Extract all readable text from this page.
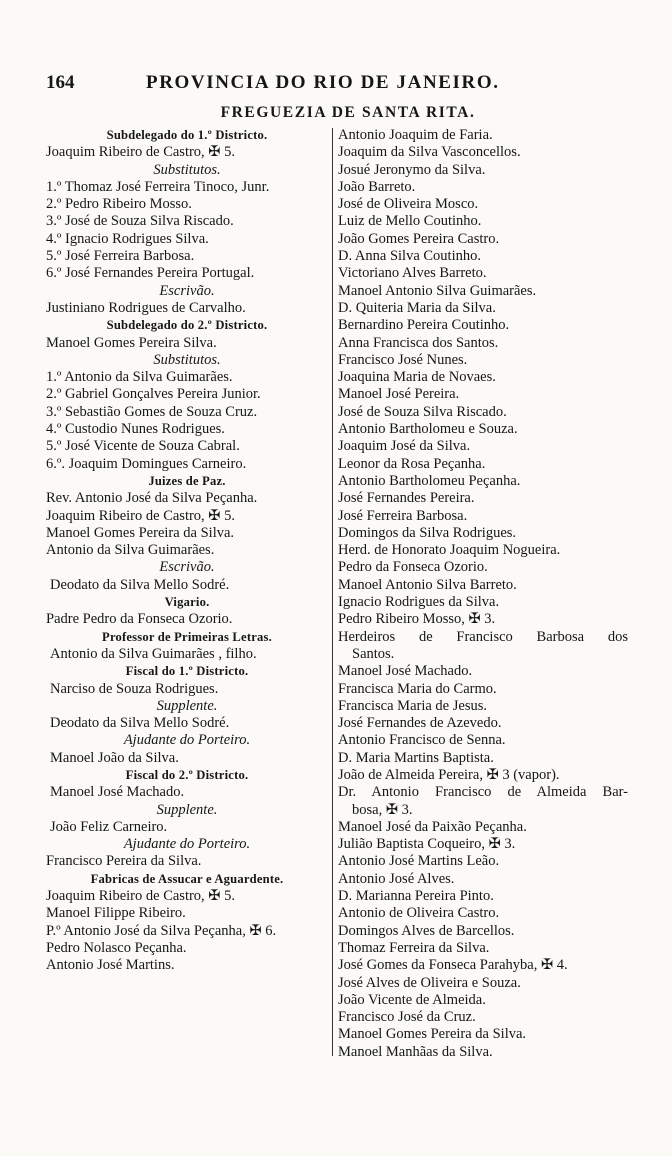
164	PROVINCIA DO RIO DE JANEIRO.
FREGUEZIA DE SANTA RITA.
Subdelegado do 1.º Districto.
Joaquim Ribeiro de Castro, ✠ 5.
Substitutos.
1.º Thomaz José Ferreira Tinoco, Junr.
2.º Pedro Ribeiro Mosso.
3.º José de Souza Silva Riscado.
4.º Ignacio Rodrigues Silva.
5.º José Ferreira Barbosa.
6.º José Fernandes Pereira Portugal.
Escrivão.
Justiniano Rodrigues de Carvalho.
Subdelegado do 2.º Districto.
Manoel Gomes Pereira Silva.
Substitutos.
1.º Antonio da Silva Guimarães.
2.º Gabriel Gonçalves Pereira Junior.
3.º Sebastião Gomes de Souza Cruz.
4.º Custodio Nunes Rodrigues.
5.º José Vicente de Souza Cabral.
6.º. Joaquim Domingues Carneiro.
Juizes de Paz.
Rev. Antonio José da Silva Peçanha.
Joaquim Ribeiro de Castro, ✠ 5.
Manoel Gomes Pereira da Silva.
Antonio da Silva Guimarães.
Escrivão.
Deodato da Silva Mello Sodré.
Vigario.
Padre Pedro da Fonseca Ozorio.
Professor de Primeiras Letras.
Antonio da Silva Guimarães , filho.
Fiscal do 1.º Districto.
Narciso de Souza Rodrigues.
Supplente.
Deodato da Silva Mello Sodré.
Ajudante do Porteiro.
Manoel João da Silva.
Fiscal do 2.º Districto.
Manoel José Machado.
Supplente.
João Feliz Carneiro.
Ajudante do Porteiro.
Francisco Pereira da Silva.
Fabricas de Assucar e Aguardente.
Joaquim Ribeiro de Castro, ✠ 5.
Manoel Filippe Ribeiro.
P.º Antonio José da Silva Peçanha, ✠ 6.
Pedro Nolasco Peçanha.
Antonio José Martins.
Antonio Joaquim de Faria.
Joaquim da Silva Vasconcellos.
Josué Jeronymo da Silva.
João Barreto.
José de Oliveira Mosco.
Luiz de Mello Coutinho.
João Gomes Pereira Castro.
D. Anna Silva Coutinho.
Victoriano Alves Barreto.
Manoel Antonio Silva Guimarães.
D. Quiteria Maria da Silva.
Bernardino Pereira Coutinho.
Anna Francisca dos Santos.
Francisco José Nunes.
Joaquina Maria de Novaes.
Manoel José Pereira.
José de Souza Silva Riscado.
Antonio Bartholomeu e Souza.
Joaquim José da Silva.
Leonor da Rosa Peçanha.
Antonio Bartholomeu Peçanha.
José Fernandes Pereira.
José Ferreira Barbosa.
Domingos da Silva Rodrigues.
Herd. de Honorato Joaquim Nogueira.
Pedro da Fonseca Ozorio.
Manoel Antonio Silva Barreto.
Ignacio Rodrigues da Silva.
Pedro Ribeiro Mosso, ✠ 3.
Herdeiros de Francisco Barbosa dos
Santos.
Manoel José Machado.
Francisca Maria do Carmo.
Francisca Maria de Jesus.
José Fernandes de Azevedo.
Antonio Francisco de Senna.
D. Maria Martins Baptista.
João de Almeida Pereira, ✠ 3 (vapor).
Dr. Antonio Francisco de Almeida Bar-
bosa, ✠ 3.
Manoel José da Paixão Peçanha.
Julião Baptista Coqueiro, ✠ 3.
Antonio José Martins Leão.
Antonio José Alves.
D. Marianna Pereira Pinto.
Antonio de Oliveira Castro.
Domingos Alves de Barcellos.
Thomaz Ferreira da Silva.
José Gomes da Fonseca Parahyba, ✠ 4.
José Alves de Oliveira e Souza.
João Vicente de Almeida.
Francisco José da Cruz.
Manoel Gomes Pereira da Silva.
Manoel Manhãas da Silva.
